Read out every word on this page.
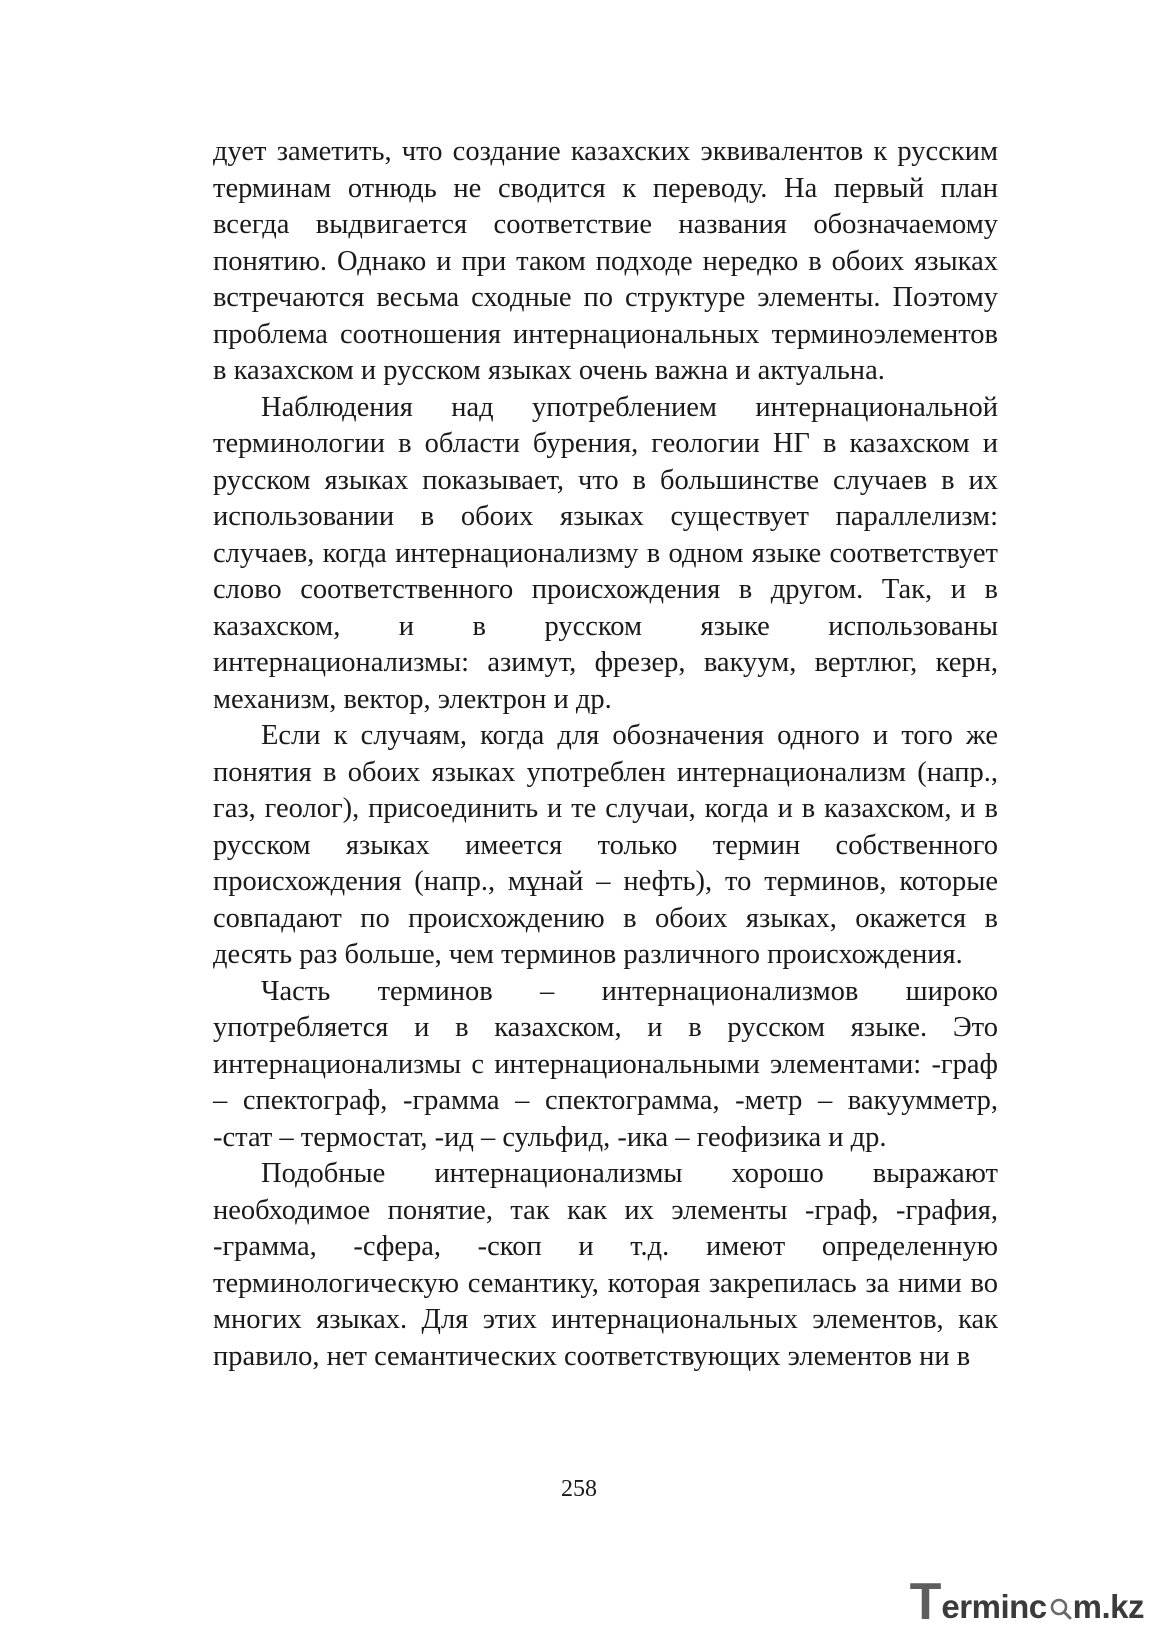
дует заметить, что создание казахских эквивалентов к русским терминам отнюдь не сводится к переводу. На первый план всегда выдвигается соответствие названия обозначаемому понятию. Однако и при таком подходе нередко в обоих языках встречаются весьма сходные по структуре элементы. Поэтому проблема соотношения интернациональных терминоэлементов в казахском и русском языках очень важна и актуальна.

Наблюдения над употреблением интернациональной терминологии в области бурения, геологии НГ в казахском и русском языках показывает, что в большинстве случаев в их использовании в обоих языках существует параллелизм: случаев, когда интернационализму в одном языке соответствует слово соответственного происхождения в другом. Так, и в казахском, и в русском языке использованы интернационализмы: азимут, фрезер, вакуум, вертлюг, керн, механизм, вектор, электрон и др.

Если к случаям, когда для обозначения одного и того же понятия в обоих языках употреблен интернационализм (напр., газ, геолог), присоединить и те случаи, когда и в казахском, и в русском языках имеется только термин собственного происхождения (напр., мұнай – нефть), то терминов, которые совпадают по происхождению в обоих языках, окажется в десять раз больше, чем терминов различного происхождения.

Часть терминов – интернационализмов широко употребляется и в казахском, и в русском языке. Это интернационализмы с интернациональными элементами: -граф – спектограф, -грамма – спектограмма, -метр – вакуумметр, -стат – термостат, -ид – сульфид, -ика – геофизика и др.

Подобные интернационализмы хорошо выражают необходимое понятие, так как их элементы -граф, -графия, -грамма, -сфера, -скоп и т.д. имеют определенную терминологическую семантику, которая закрепилась за ними во многих языках. Для этих интернациональных элементов, как правило, нет семантических соответствующих элементов ни в

258
T erminc m.kz
